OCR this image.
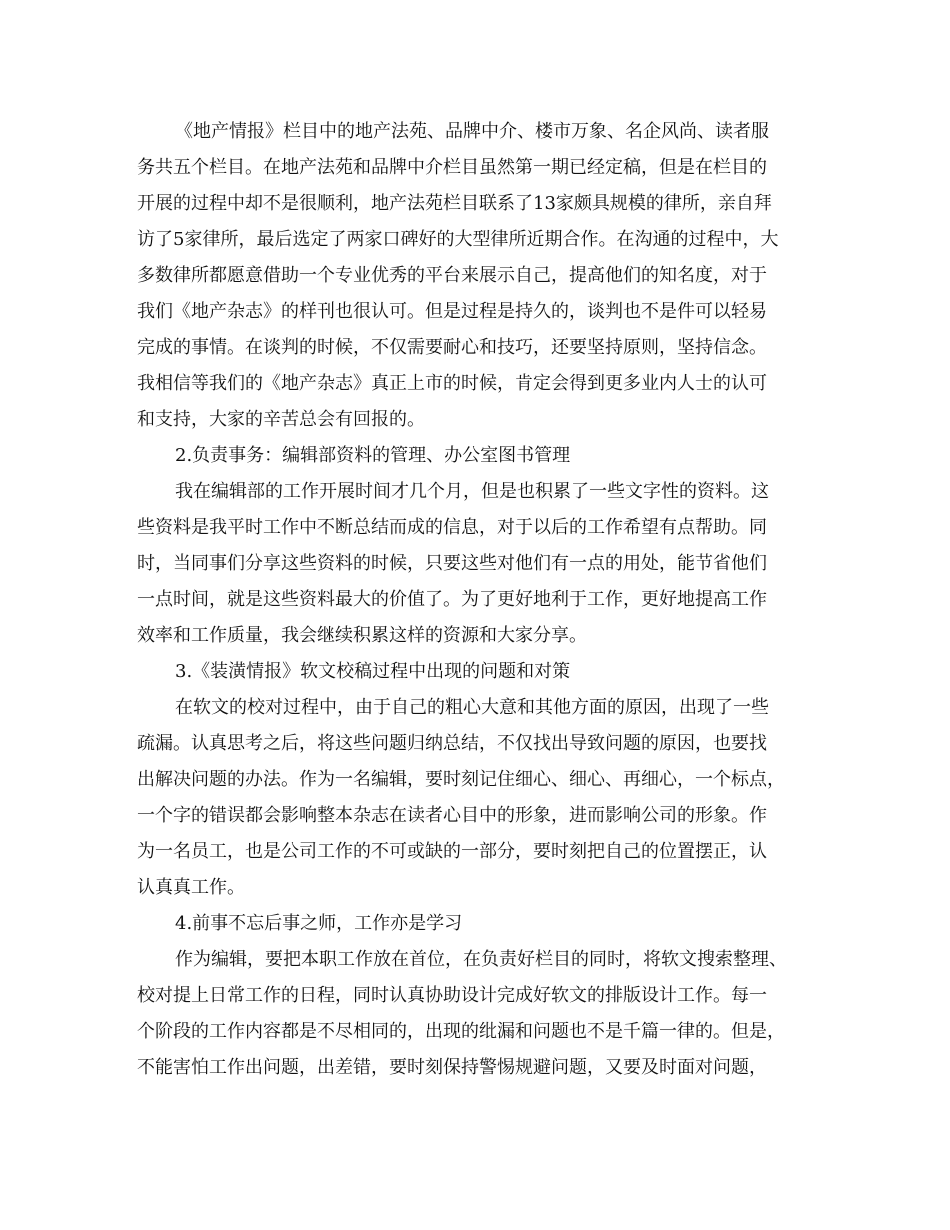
《地产情报》栏目中的地产法苑、品牌中介、楼市万象、名企风尚、读者服
务共五个栏目。在地产法苑和品牌中介栏目虽然第一期已经定稿，但是在栏目的
开展的过程中却不是很顺利，地产法苑栏目联系了13家颇具规模的律所，亲自拜
访了5家律所，最后选定了两家口碑好的大型律所近期合作。在沟通的过程中，大
多数律所都愿意借助一个专业优秀的平台来展示自己，提高他们的知名度，对于
我们《地产杂志》的样刊也很认可。但是过程是持久的，谈判也不是件可以轻易
完成的事情。在谈判的时候，不仅需要耐心和技巧，还要坚持原则，坚持信念。
我相信等我们的《地产杂志》真正上市的时候，肯定会得到更多业内人士的认可
和支持，大家的辛苦总会有回报的。
2.负责事务：编辑部资料的管理、办公室图书管理
我在编辑部的工作开展时间才几个月，但是也积累了一些文字性的资料。这
些资料是我平时工作中不断总结而成的信息，对于以后的工作希望有点帮助。同
时，当同事们分享这些资料的时候，只要这些对他们有一点的用处，能节省他们
一点时间，就是这些资料最大的价值了。为了更好地利于工作，更好地提高工作
效率和工作质量，我会继续积累这样的资源和大家分享。
3.《装潢情报》软文校稿过程中出现的问题和对策
在软文的校对过程中，由于自己的粗心大意和其他方面的原因，出现了一些
疏漏。认真思考之后，将这些问题归纳总结，不仅找出导致问题的原因，也要找
出解决问题的办法。作为一名编辑，要时刻记住细心、细心、再细心，一个标点，
一个字的错误都会影响整本杂志在读者心目中的形象，进而影响公司的形象。作
为一名员工，也是公司工作的不可或缺的一部分，要时刻把自己的位置摆正，认
认真真工作。
4.前事不忘后事之师，工作亦是学习
作为编辑，要把本职工作放在首位，在负责好栏目的同时，将软文搜索整理、
校对提上日常工作的日程，同时认真协助设计完成好软文的排版设计工作。每一
个阶段的工作内容都是不尽相同的，出现的纰漏和问题也不是千篇一律的。但是，
不能害怕工作出问题，出差错，要时刻保持警惕规避问题，又要及时面对问题，
